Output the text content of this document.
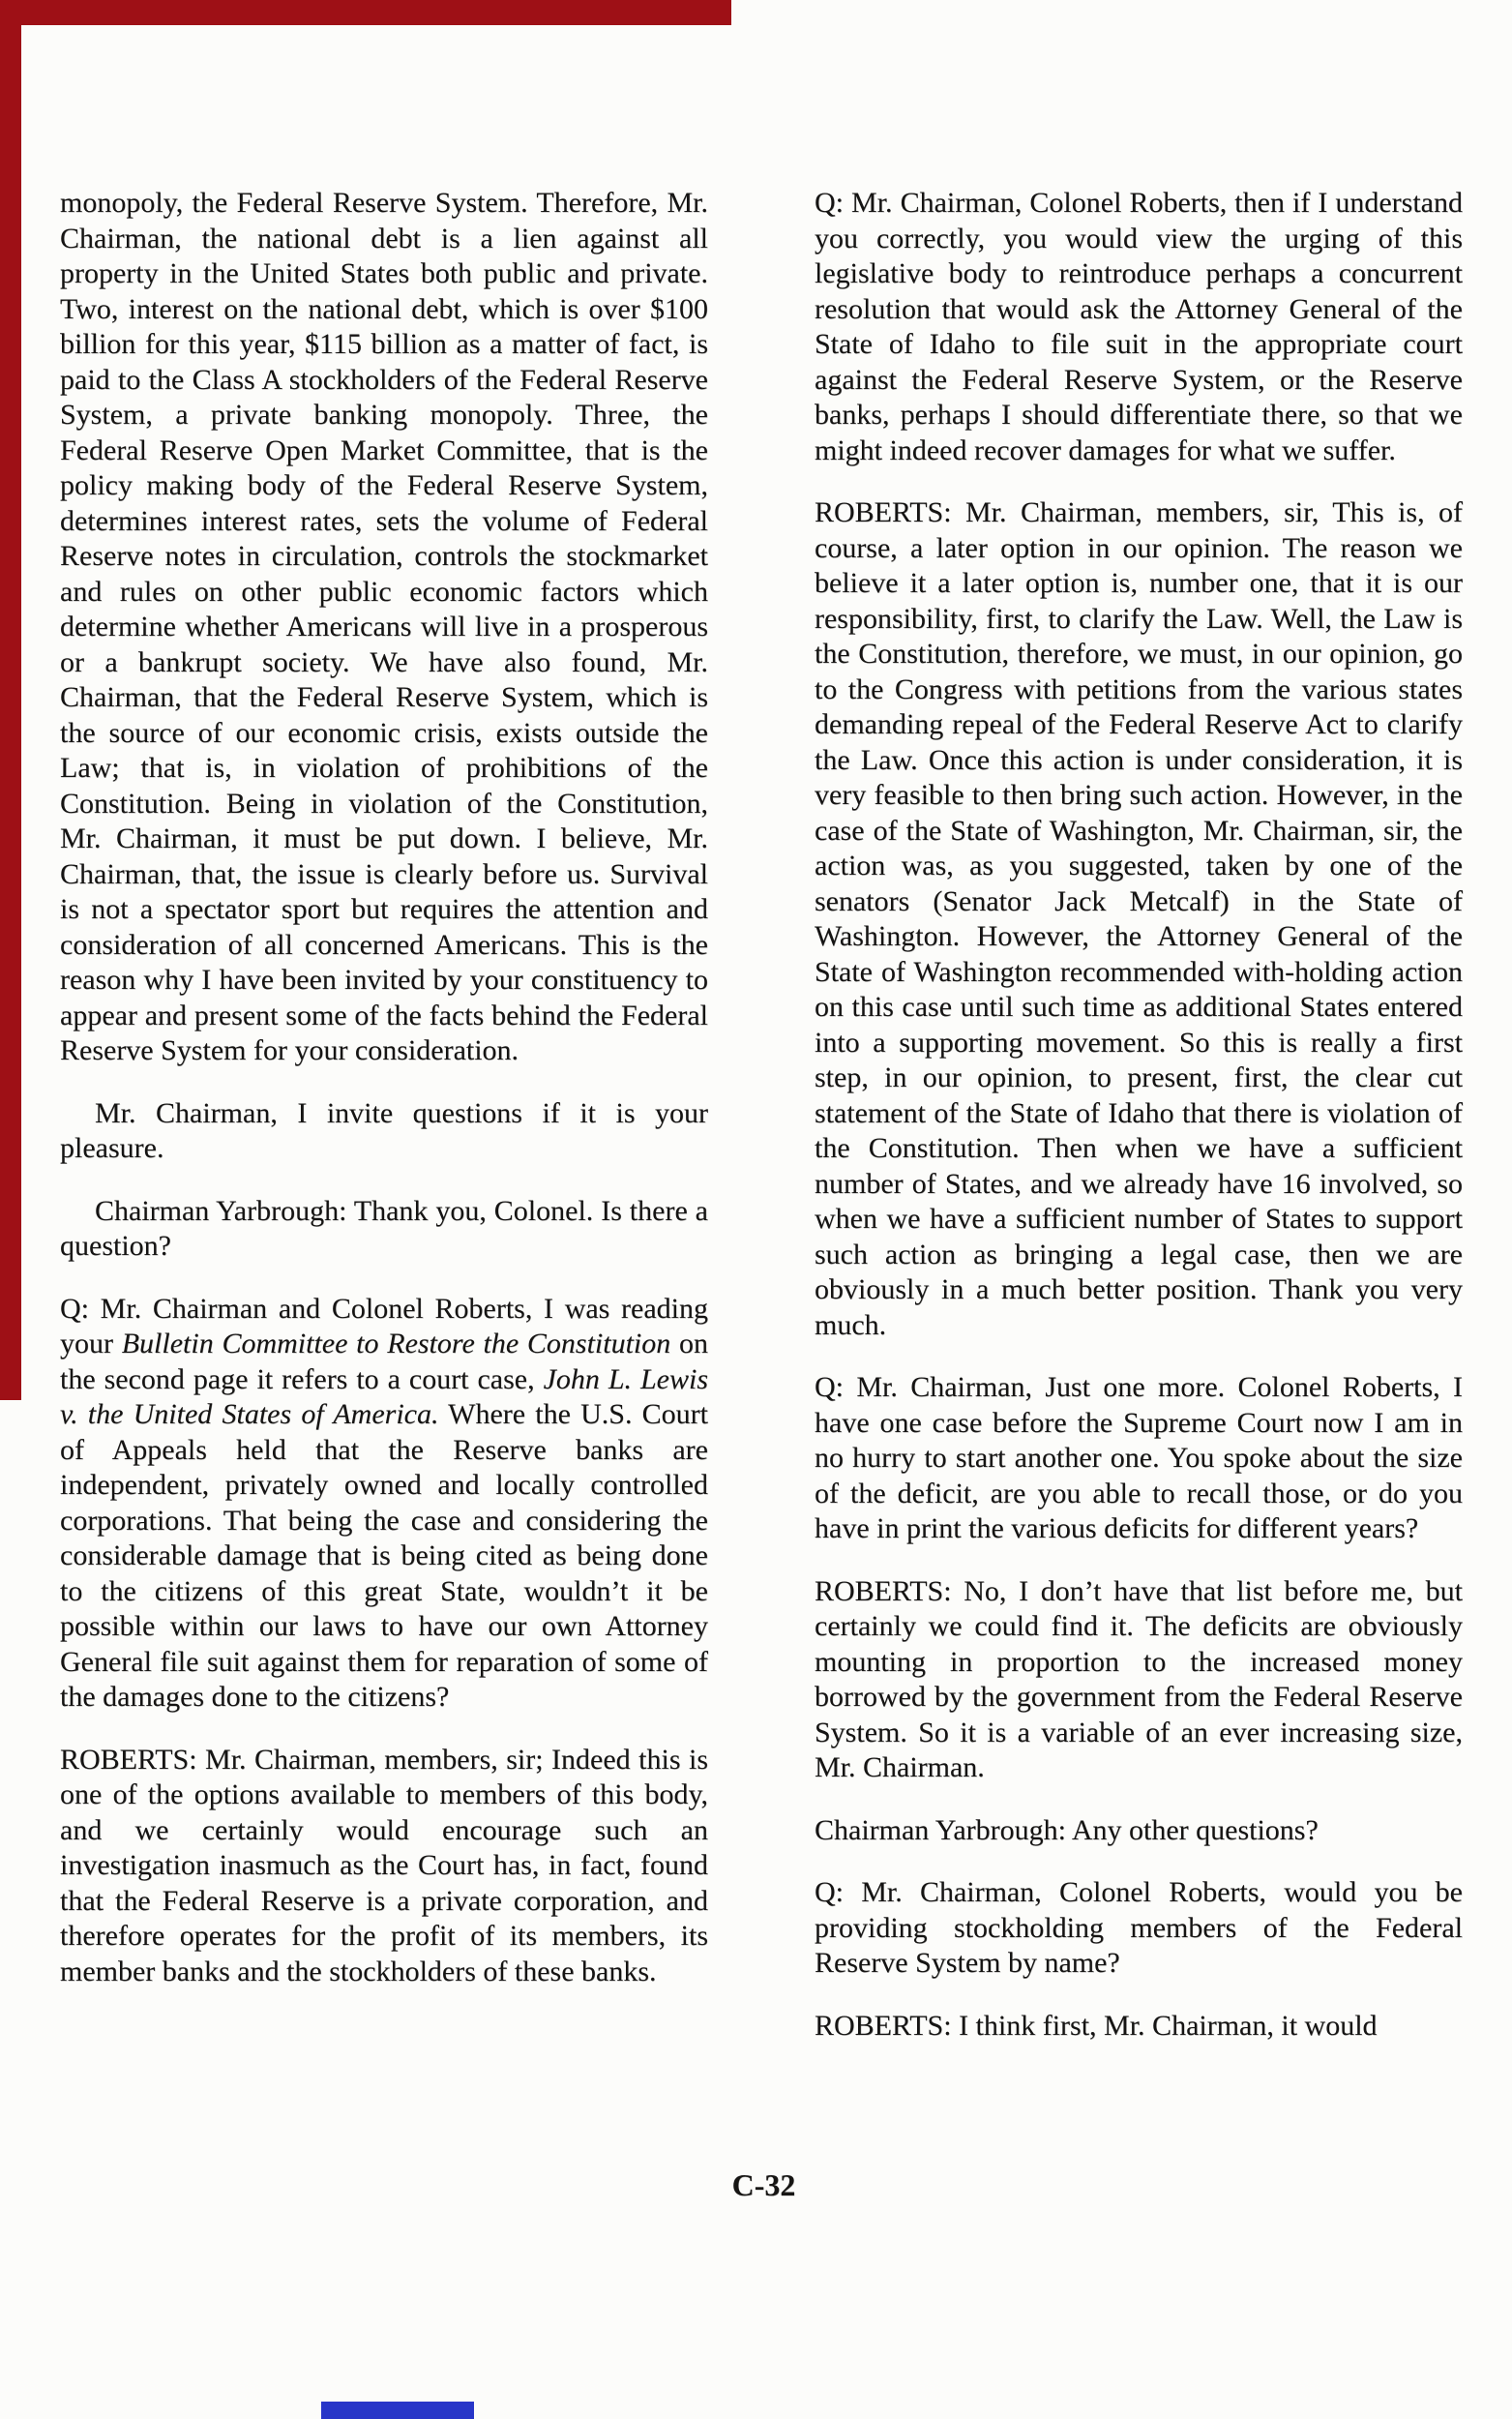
monopoly, the Federal Reserve System. Therefore, Mr. Chairman, the national debt is a lien against all property in the United States both public and private. Two, interest on the national debt, which is over $100 billion for this year, $115 billion as a matter of fact, is paid to the Class A stockholders of the Federal Reserve System, a private banking monopoly. Three, the Federal Reserve Open Market Committee, that is the policy making body of the Federal Reserve System, determines interest rates, sets the volume of Federal Reserve notes in circulation, controls the stockmarket and rules on other public economic factors which determine whether Americans will live in a prosperous or a bankrupt society. We have also found, Mr. Chairman, that the Federal Reserve System, which is the source of our economic crisis, exists outside the Law; that is, in violation of prohibitions of the Constitution. Being in violation of the Constitution, Mr. Chairman, it must be put down. I believe, Mr. Chairman, that, the issue is clearly before us. Survival is not a spectator sport but requires the attention and consideration of all concerned Americans. This is the reason why I have been invited by your constituency to appear and present some of the facts behind the Federal Reserve System for your consideration.

Mr. Chairman, I invite questions if it is your pleasure.

Chairman Yarbrough: Thank you, Colonel. Is there a question?

Q: Mr. Chairman and Colonel Roberts, I was reading your Bulletin Committee to Restore the Constitution on the second page it refers to a court case, John L. Lewis v. the United States of America. Where the U.S. Court of Appeals held that the Reserve banks are independent, privately owned and locally controlled corporations. That being the case and considering the considerable damage that is being cited as being done to the citizens of this great State, wouldn’t it be possible within our laws to have our own Attorney General file suit against them for reparation of some of the damages done to the citizens?

ROBERTS: Mr. Chairman, members, sir; Indeed this is one of the options available to members of this body, and we certainly would encourage such an investigation inasmuch as the Court has, in fact, found that the Federal Reserve is a private corporation, and therefore operates for the profit of its members, its member banks and the stockholders of these banks.

Q: Mr. Chairman, Colonel Roberts, then if I understand you correctly, you would view the urging of this legislative body to reintroduce perhaps a concurrent resolution that would ask the Attorney General of the State of Idaho to file suit in the appropriate court against the Federal Reserve System, or the Reserve banks, perhaps I should differentiate there, so that we might indeed recover damages for what we suffer.

ROBERTS: Mr. Chairman, members, sir, This is, of course, a later option in our opinion. The reason we believe it a later option is, number one, that it is our responsibility, first, to clarify the Law. Well, the Law is the Constitution, therefore, we must, in our opinion, go to the Congress with petitions from the various states demanding repeal of the Federal Reserve Act to clarify the Law. Once this action is under consideration, it is very feasible to then bring such action. However, in the case of the State of Washington, Mr. Chairman, sir, the action was, as you suggested, taken by one of the senators (Senator Jack Metcalf) in the State of Washington. However, the Attorney General of the State of Washington recommended with-holding action on this case until such time as additional States entered into a supporting movement. So this is really a first step, in our opinion, to present, first, the clear cut statement of the State of Idaho that there is violation of the Constitution. Then when we have a sufficient number of States, and we already have 16 involved, so when we have a sufficient number of States to support such action as bringing a legal case, then we are obviously in a much better position. Thank you very much.

Q: Mr. Chairman, Just one more. Colonel Roberts, I have one case before the Supreme Court now I am in no hurry to start another one. You spoke about the size of the deficit, are you able to recall those, or do you have in print the various deficits for different years?

ROBERTS: No, I don’t have that list before me, but certainly we could find it. The deficits are obviously mounting in proportion to the increased money borrowed by the government from the Federal Reserve System. So it is a variable of an ever increasing size, Mr. Chairman.

Chairman Yarbrough: Any other questions?

Q: Mr. Chairman, Colonel Roberts, would you be providing stockholding members of the Federal Reserve System by name?

ROBERTS: I think first, Mr. Chairman, it would

C-32
